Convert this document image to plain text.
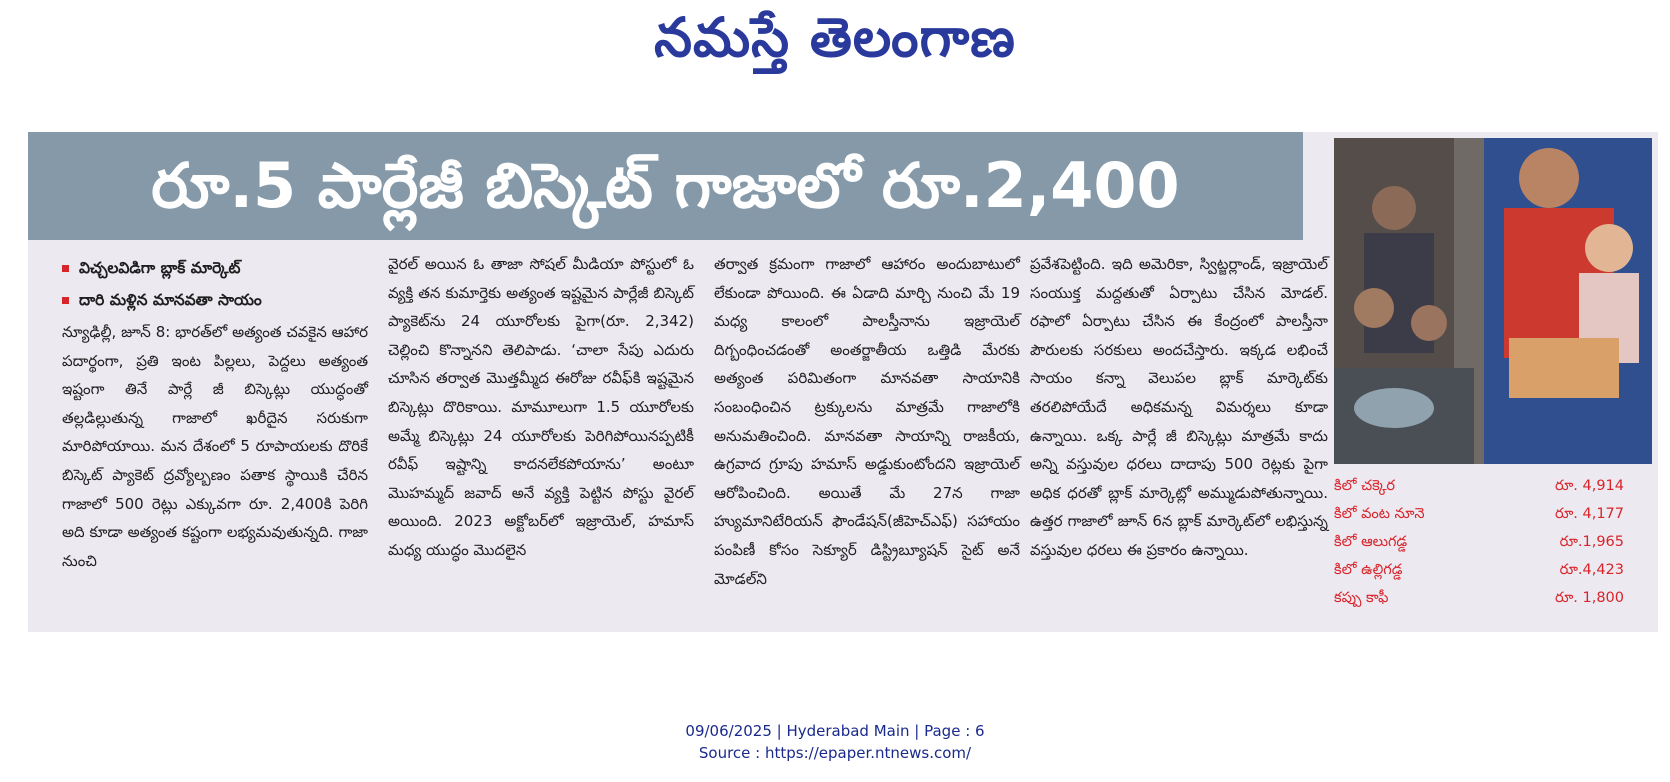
నమస్తే తెలంగాణ
రూ.5 పార్లేజీ బిస్కెట్ గాజాలో రూ.2,400
విచ్చలవిడిగా బ్లాక్ మార్కెట్
దారి మళ్లిన మానవతా సాయం

న్యూఢిల్లీ, జూన్ 8: భారత్‌లో అత్యంత చవకైన ఆహార పదార్థంగా, ప్రతి ఇంట పిల్లలు, పెద్దలు అత్యంత ఇష్టంగా తినే పార్లే జీ బిస్కెట్లు యుద్ధంతో తల్లడిల్లుతున్న గాజాలో ఖరీదైన సరుకుగా మారిపోయాయి. మన దేశంలో 5 రూపాయలకు దొరికే బిస్కెట్ ప్యాకెట్ ద్రవ్యోల్బణం పతాక స్థాయికి చేరిన గాజాలో 500 రెట్లు ఎక్కువగా రూ. 2,400కి పెరిగి అది కూడా అత్యంత కష్టంగా లభ్యమవుతున్నది. గాజా నుంచి

వైరల్ అయిన ఓ తాజా సోషల్ మీడియా పోస్టులో ఓ వ్యక్తి తన కుమార్తెకు అత్యంత ఇష్టమైన పార్లేజీ బిస్కెట్ ప్యాకెట్‌ను 24 యూరోలకు పైగా(రూ. 2,342) చెల్లించి కొన్నానని తెలిపాడు. ‘చాలా సేపు ఎదురు చూసిన తర్వాత మొత్తమ్మీద ఈరోజు రవీఫ్‌కి ఇష్టమైన బిస్కెట్లు దొరికాయి. మామూలుగా 1.5 యూరోలకు అమ్మే బిస్కెట్లు 24 యూరోలకు పెరిగిపోయినప్పటికీ రవీఫ్ ఇష్టాన్ని కాదనలేకపోయాను’ అంటూ మొహమ్మద్ జవాద్ అనే వ్యక్తి పెట్టిన పోస్టు వైరల్ అయింది. 2023 అక్టోబర్‌లో ఇజ్రాయెల్, హమాస్ మధ్య యుద్ధం మొదలైన

తర్వాత క్రమంగా గాజాలో ఆహారం అందుబాటులో లేకుండా పోయింది. ఈ ఏడాది మార్చి నుంచి మే 19 మధ్య కాలంలో పాలస్తీనాను ఇజ్రాయెల్ దిగ్బంధించడంతో అంతర్జాతీయ ఒత్తిడి మేరకు అత్యంత పరిమితంగా మానవతా సాయానికి సంబంధించిన ట్రక్కులను మాత్రమే గాజాలోకి అనుమతించింది. మానవతా సాయాన్ని రాజకీయ, ఉగ్రవాద గ్రూపు హమాస్ అడ్డుకుంటోందని ఇజ్రాయెల్ ఆరోపించింది. అయితే మే 27న గాజా హ్యుమానిటేరియన్ ఫౌండేషన్(జీహెచ్‌ఎఫ్) సహాయం పంపిణీ కోసం సెక్యూర్ డిస్ట్రిబ్యూషన్ సైట్ అనే మోడల్‌ని

ప్రవేశపెట్టింది. ఇది అమెరికా, స్విట్జర్లాండ్, ఇజ్రాయెల్ సంయుక్త మద్దతుతో ఏర్పాటు చేసిన మోడల్. రఫాలో ఏర్పాటు చేసిన ఈ కేంద్రంలో పాలస్తీనా పౌరులకు సరకులు అందచేస్తారు. ఇక్కడ లభించే సాయం కన్నా వెలుపల బ్లాక్ మార్కెట్‌కు తరలిపోయేదే అధికమన్న విమర్శలు కూడా ఉన్నాయి. ఒక్క పార్లే జీ బిస్కెట్లు మాత్రమే కాదు అన్ని వస్తువుల ధరలు దాదాపు 500 రెట్లకు పైగా అధిక ధరతో బ్లాక్ మార్కెట్లో అమ్ముడుపోతున్నాయి. ఉత్తర గాజాలో జూన్ 6న బ్లాక్ మార్కెట్‌లో లభిస్తున్న వస్తువుల ధరలు ఈ ప్రకారం ఉన్నాయి.

కిలో చక్కెర	రూ. 4,914
కిలో వంట నూనె	రూ. 4,177
కిలో ఆలుగడ్డ	రూ.1,965
కిలో ఉల్లిగడ్డ	రూ.4,423
కప్పు కాఫీ	రూ. 1,800
09/06/2025 | Hyderabad Main | Page : 6
Source : https://epaper.ntnews.com/
